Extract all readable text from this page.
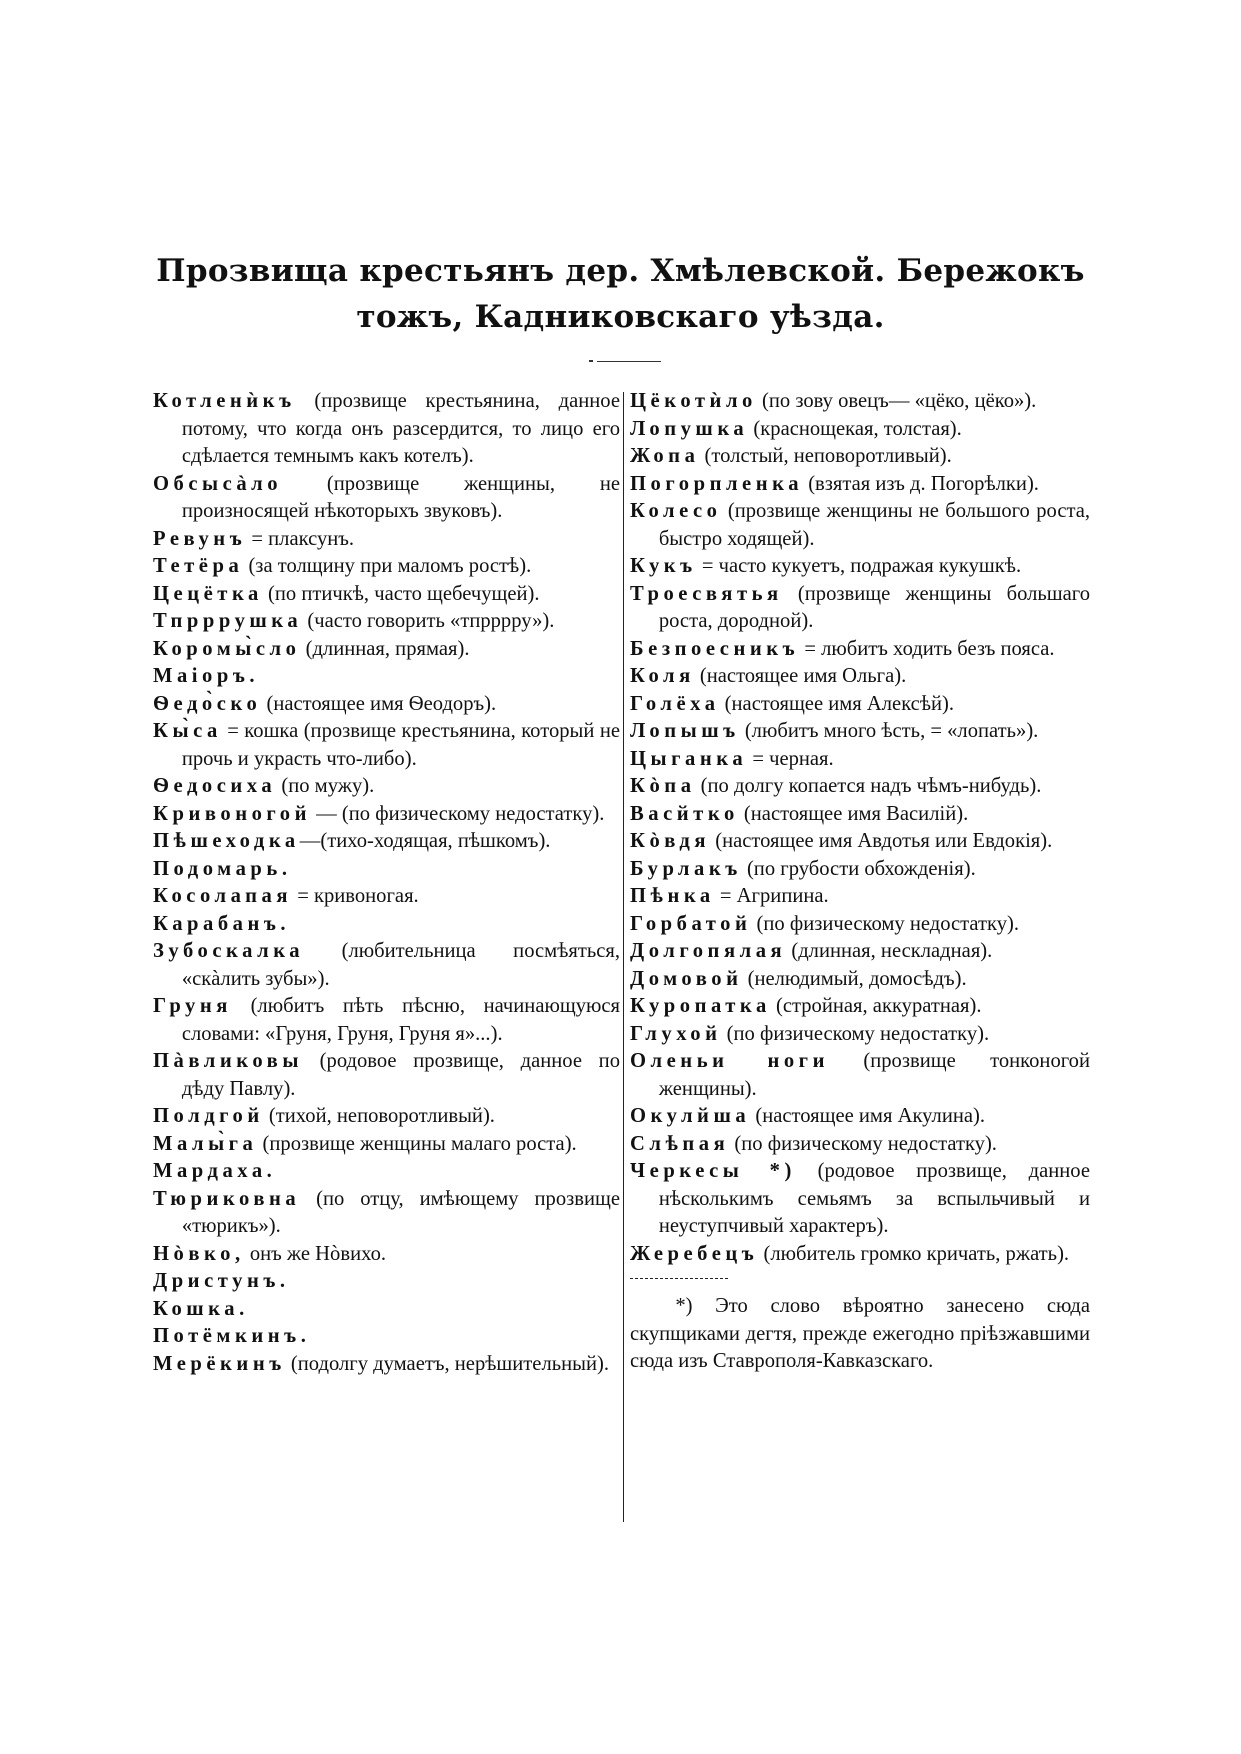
Прозвища крестьянъ дер. Хмѣлевской. Бережокъ
тожъ, Кадниковскаго уѣзда.
Котленѝкъ (прозвище крестьянина, данное потому, что когда онъ разсердится, то лицо его сдѣлается темнымъ какъ котелъ).
Обсысàло (прозвище женщины, не произносящей нѣкоторыхъ звуковъ).
Ревунъ = плаксунъ.
Тетёра (за толщину при маломъ ростѣ).
Цецётка (по птичкѣ, часто щебечущей).
Тпрррушка (часто говорить «тпрррру»).
Коромы̀сло (длинная, прямая).
Маіоръ.
Ѳедо̀ско (настоящее имя Ѳеодоръ).
Кы̀са = кошка (прозвище крестьянина, который не прочь и украсть что-либо).
Ѳедосиха (по мужу).
Кривоногой — (по физическому недостатку).
Пѣшеходка—(тихо-ходящая, пѣшкомъ).
Подомарь.
Косолапая = кривоногая.
Карабанъ.
Зубоскалка (любительница посмѣяться, «скàлить зубы»).
Груня (любитъ пѣть пѣсню, начинающуюся словами: «Груня, Груня, Груня я»...).
Пàвликовы (родовое прозвище, данное по дѣду Павлу).
Полдгой (тихой, неповоротливый).
Малы̀га (прозвище женщины малаго роста).
Мардаха.
Тюриковна (по отцу, имѣющему прозвище «тюрикъ»).
Нòвко, онъ же Нòвихо.
Дристунъ.
Кошка.
Потёмкинъ.
Мерёкинъ (подолгу думаетъ, нерѣшительный).
Цёкотѝло (по зову овецъ— «цёко, цёко»).
Лопушка (краснощекая, толстая).
Жопа (толстый, неповоротливый).
Погорпленка (взятая изъ д. Погорѣлки).
Колесо (прозвище женщины не большого роста, быстро ходящей).
Кукъ = часто кукуетъ, подражая кукушкѣ.
Троесвятья (прозвище женщины большаго роста, дородной).
Безпоесникъ = любитъ ходить безъ пояса.
Коля (настоящее имя Ольга).
Голёха (настоящее имя Алексѣй).
Лопышъ (любитъ много ѣсть, = «лопать»).
Цыганка = черная.
Кòпа (по долгу копается надъ чѣмъ-нибудь).
Васйтко (настоящее имя Василій).
Кòвдя (настоящее имя Авдотья или Евдокія).
Бурлакъ (по грубости обхожденія).
Пѣнка = Агрипина.
Горбатой (по физическому недостатку).
Долгопялая (длинная, нескладная).
Домовой (нелюдимый, домосѣдъ).
Куропатка (стройная, аккуратная).
Глухой (по физическому недостатку).
Оленьи ноги (прозвище тонконогой женщины).
Окулйша (настоящее имя Акулина).
Слѣпая (по физическому недостатку).
Черкесы *) (родовое прозвище, данное нѣсколькимъ семьямъ за вспыльчивый и неуступчивый характеръ).
Жеребецъ (любитель громко кричать, ржать).
*) Это слово вѣроятно занесено сюда скупщиками дегтя, прежде ежегодно пріѣзжавшими сюда изъ Ставрополя-Кавказскаго.
